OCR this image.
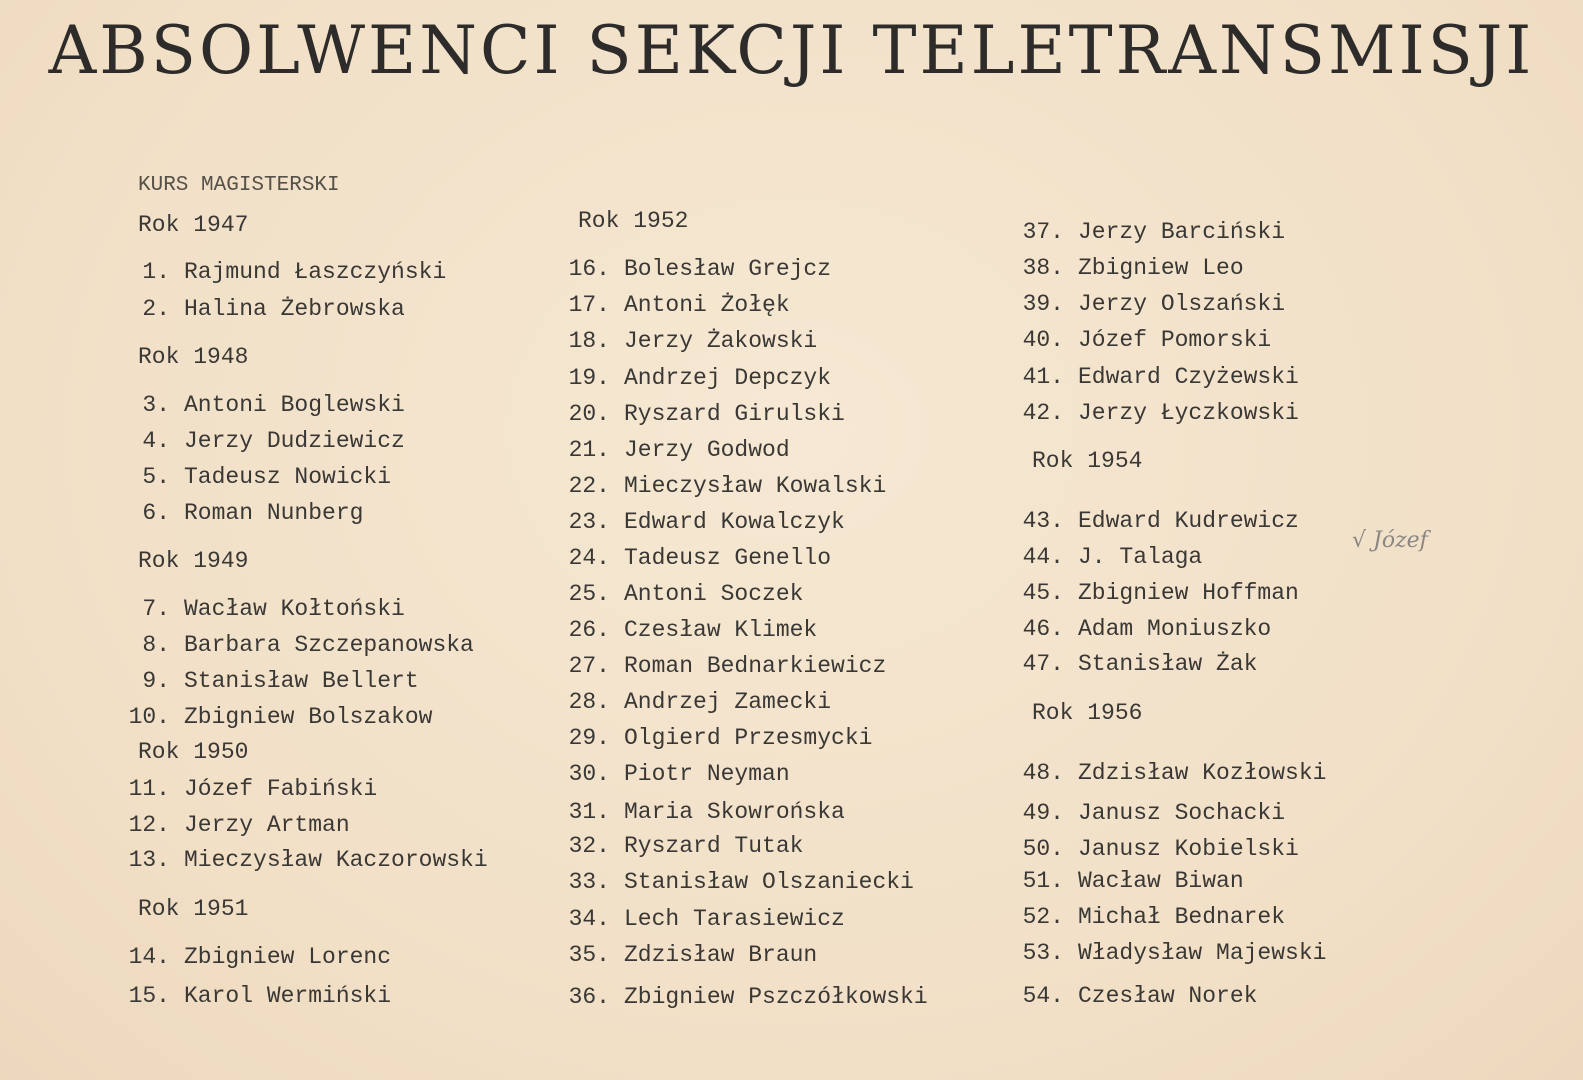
ABSOLWENCI SEKCJI TELETRANSMISJI
KURS MAGISTERSKI
Rok 1947
1. Rajmund Łaszczyński
2. Halina Żebrowska
Rok 1948
3. Antoni Boglewski
4. Jerzy Dudziewicz
5. Tadeusz Nowicki
6. Roman Nunberg
Rok 1949
7. Wacław Kołtoński
8. Barbara Szczepanowska
9. Stanisław Bellert
10. Zbigniew Bolszakow
Rok 1950
11. Józef Fabiński
12. Jerzy Artman
13. Mieczysław Kaczorowski
Rok 1951
14. Zbigniew Lorenc
15. Karol Wermiński
Rok 1952
16. Bolesław Grejcz
17. Antoni Żołęk
18. Jerzy Żakowski
19. Andrzej Depczyk
20. Ryszard Girulski
21. Jerzy Godwod
22. Mieczysław Kowalski
23. Edward Kowalczyk
24. Tadeusz Genello
25. Antoni Soczek
26. Czesław Klimek
27. Roman Bednarkiewicz
28. Andrzej Zamecki
29. Olgierd Przesmycki
30. Piotr Neyman
31. Maria Skowrońska
32. Ryszard Tutak
33. Stanisław Olszaniecki
34. Lech Tarasiewicz
35. Zdzisław Braun
36. Zbigniew Pszczółkowski
37. Jerzy Barciński
38. Zbigniew Leo
39. Jerzy Olszański
40. Józef Pomorski
41. Edward Czyżewski
42. Jerzy Łyczkowski
Rok 1954
43. Edward Kudrewicz
44. J. Talaga
45. Zbigniew Hoffman
46. Adam Moniuszko
47. Stanisław Żak
Rok 1956
48. Zdzisław Kozłowski
49. Janusz Sochacki
50. Janusz Kobielski
51. Wacław Biwan
52. Michał Bednarek
53. Władysław Majewski
54. Czesław Norek
√ Józef
